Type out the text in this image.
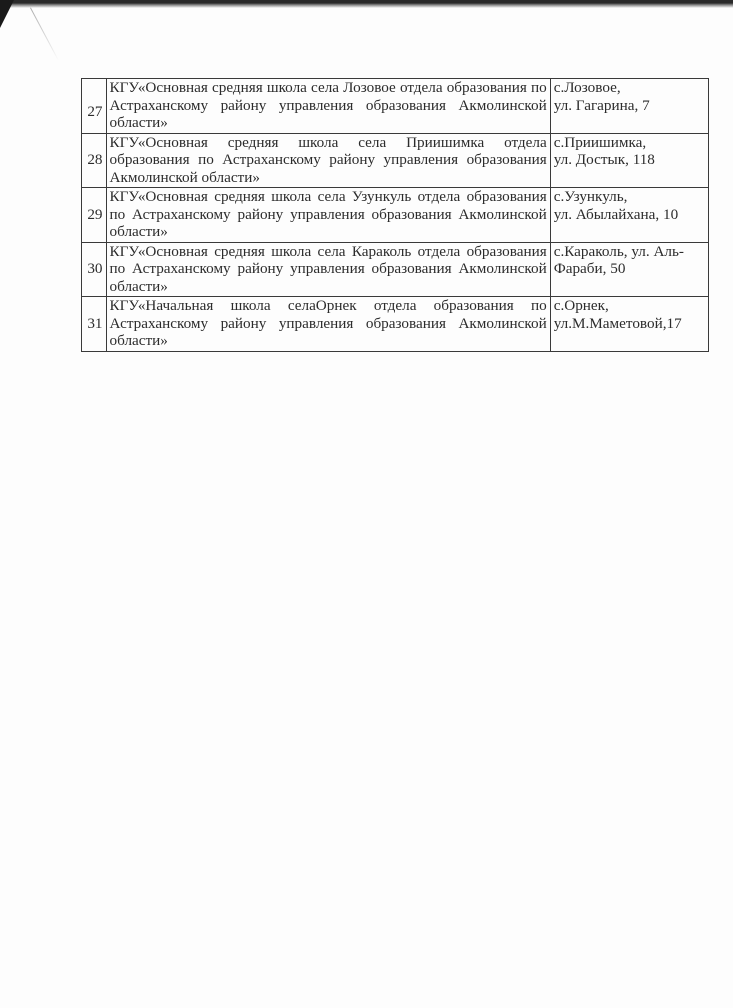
27	КГУ«Основная средняя школа села Лозовое отдела образования по Астраханскому району управления образования Акмолинской области»	с.Лозовое,
ул. Гагарина, 7

28	КГУ«Основная средняя школа села Приишимка отдела образования по Астраханскому району управления образования Акмолинской области»	с.Приишимка,
ул. Достык, 118

29	КГУ«Основная средняя школа села Узункуль отдела образования по Астраханскому району управления образования Акмолинской области»	с.Узункуль,
ул. Абылайхана, 10

30	КГУ«Основная средняя школа села Караколь отдела образования по Астраханскому району управления образования Акмолинской области»	с.Караколь, ул. Аль-
Фараби, 50

31	КГУ«Начальная школа селаОрнек отдела образования по Астраханскому району управления образования Акмолинской области»	с.Орнек,
ул.М.Маметовой,17
